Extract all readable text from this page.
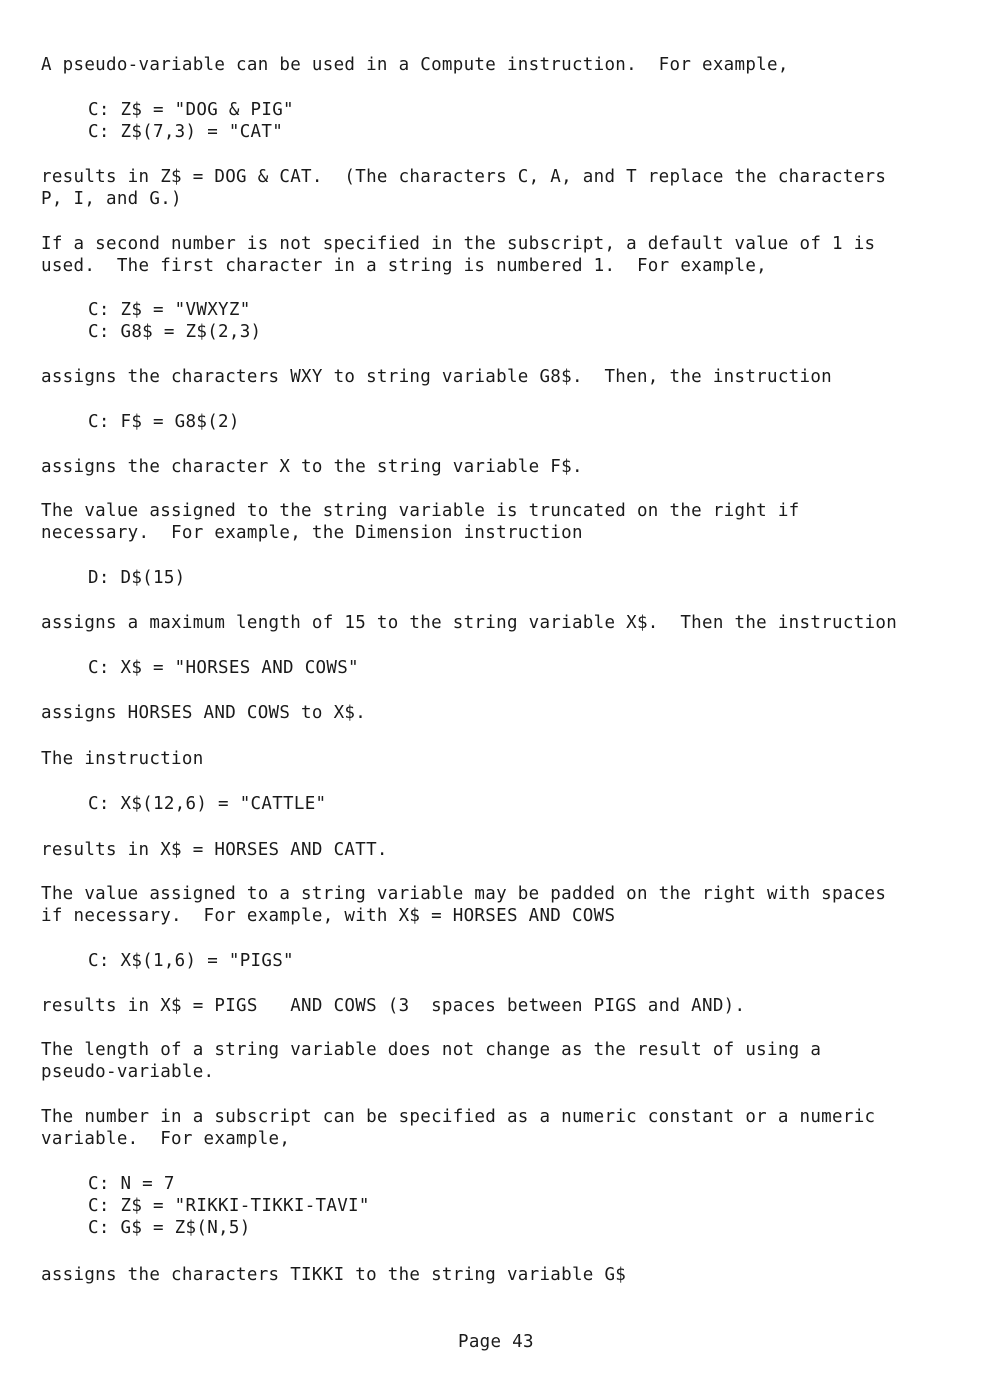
A pseudo-variable can be used in a Compute instruction.  For example,
C: Z$ = "DOG & PIG"
C: Z$(7,3) = "CAT"
results in Z$ = DOG & CAT.  (The characters C, A, and T replace the characters
P, I, and G.)
If a second number is not specified in the subscript, a default value of 1 is
used.  The first character in a string is numbered 1.  For example,
C: Z$ = "VWXYZ"
C: G8$ = Z$(2,3)
assigns the characters WXY to string variable G8$.  Then, the instruction
C: F$ = G8$(2)
assigns the character X to the string variable F$.
The value assigned to the string variable is truncated on the right if
necessary.  For example, the Dimension instruction
D: D$(15)
assigns a maximum length of 15 to the string variable X$.  Then the instruction
C: X$ = "HORSES AND COWS"
assigns HORSES AND COWS to X$.
The instruction
C: X$(12,6) = "CATTLE"
results in X$ = HORSES AND CATT.
The value assigned to a string variable may be padded on the right with spaces
if necessary.  For example, with X$ = HORSES AND COWS
C: X$(1,6) = "PIGS"
results in X$ = PIGS   AND COWS (3  spaces between PIGS and AND).
The length of a string variable does not change as the result of using a
pseudo-variable.
The number in a subscript can be specified as a numeric constant or a numeric
variable.  For example,
C: N = 7
C: Z$ = "RIKKI-TIKKI-TAVI"
C: G$ = Z$(N,5)
assigns the characters TIKKI to the string variable G$
Page 43
